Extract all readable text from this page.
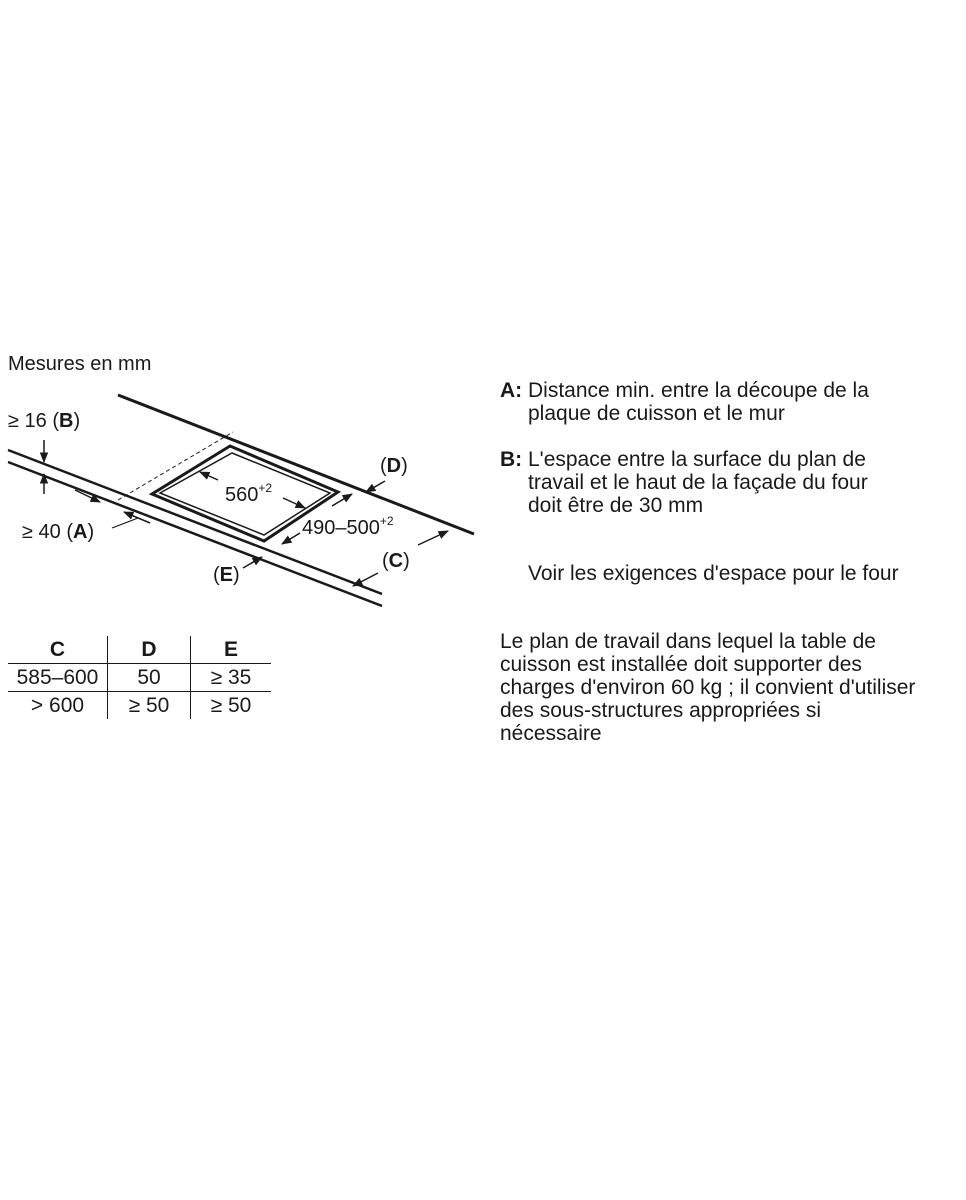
Mesures en mm
≥ 16 (B)
≥ 40 (A)
(D)
(C)
(E)
$560^{+2}$
$490-500^{+2}$
C	D	E
585–600	50	≥ 35
> 600	≥ 50	≥ 50
A: Distance min. entre la découpe de la
plaque de cuisson et le mur
B: L'espace entre la surface du plan de
travail et le haut de la façade du four
doit être de 30 mm
Voir les exigences d'espace pour le four
Le plan de travail dans lequel la table de
cuisson est installée doit supporter des
charges d'environ 60 kg ; il convient d'utiliser
des sous-structures appropriées si
nécessaire
